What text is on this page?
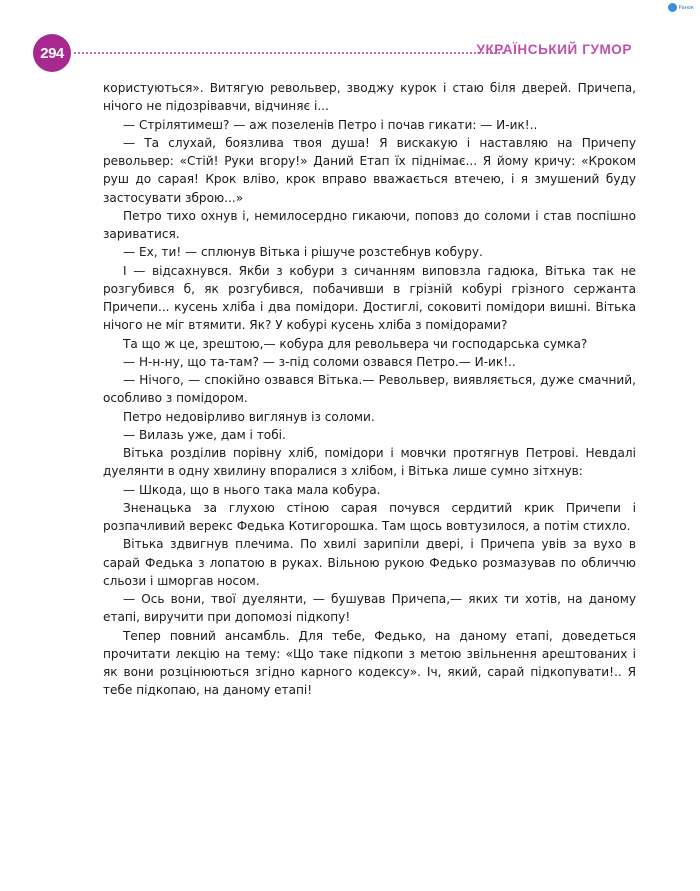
Ранок
294	УКРАЇНСЬКИЙ ГУМОР

користуються». Витягую револьвер, зводжу курок і стаю біля дверей. Причепа, нічого не підозрівавчи, відчиняє і...

— Стрілятимеш? — аж позеленів Петро і почав гикати: — И-ик!..

— Та слухай, боязлива твоя душа! Я вискакую і наставляю на Причепу револьвер: «Стій! Руки вгору!» Даний Етап їх піднімає... Я йому кричу: «Кроком руш до сарая! Крок вліво, крок вправо вважається втечею, і я змушений буду застосувати зброю...»

Петро тихо охнув і, немилосердно гикаючи, поповз до соломи і став поспішно зариватися.

— Ех, ти! — сплюнув Вітька і рішуче розстебнув кобуру.

І — відсахнувся. Якби з кобури з сичанням виповзла гадюка, Вітька так не розгубився б, як розгубився, побачивши в грізній кобурі грізного сержанта Причепи... кусень хліба і два помідори. Достиглі, соковиті помідори вишні. Вітька нічого не міг втямити. Як? У кобурі кусень хліба з помідорами?

Та що ж це, зрештою,— кобура для револьвера чи господарська сумка?

— Н-н-ну, що та-там? — з-під соломи озвався Петро.— И-ик!..

— Нічого, — спокійно озвався Вітька.— Револьвер, виявляється, дуже смачний, особливо з помідором.

Петро недовірливо виглянув із соломи.

— Вилазь уже, дам і тобі.

Вітька розділив порівну хліб, помідори і мовчки протягнув Петрові. Невдалі дуелянти в одну хвилину впоралися з хлібом, і Вітька лише сумно зітхнув:

— Шкода, що в нього така мала кобура.

Зненацька за глухою стіною сарая почувся сердитий крик Причепи і розпачливий верекс Федька Котигорошка. Там щось вовтузилося, а потім стихло.

Вітька здвигнув плечима. По хвилі зарипіли двері, і Причепа увів за вухо в сарай Федька з лопатою в руках. Вільною рукою Федько розмазував по обличчю сльози і шморгав носом.

— Ось вони, твої дуелянти, — бушував Причепа,— яких ти хотів, на даному етапі, виручити при допомозі підкопу!

Тепер повний ансамбль. Для тебе, Федько, на даному етапі, доведеться прочитати лекцію на тему: «Що таке підкопи з метою звільнення арештованих і як вони розцінюються згідно карного кодексу». Іч, який, сарай підкопувати!.. Я тебе підкопаю, на даному етапі!
